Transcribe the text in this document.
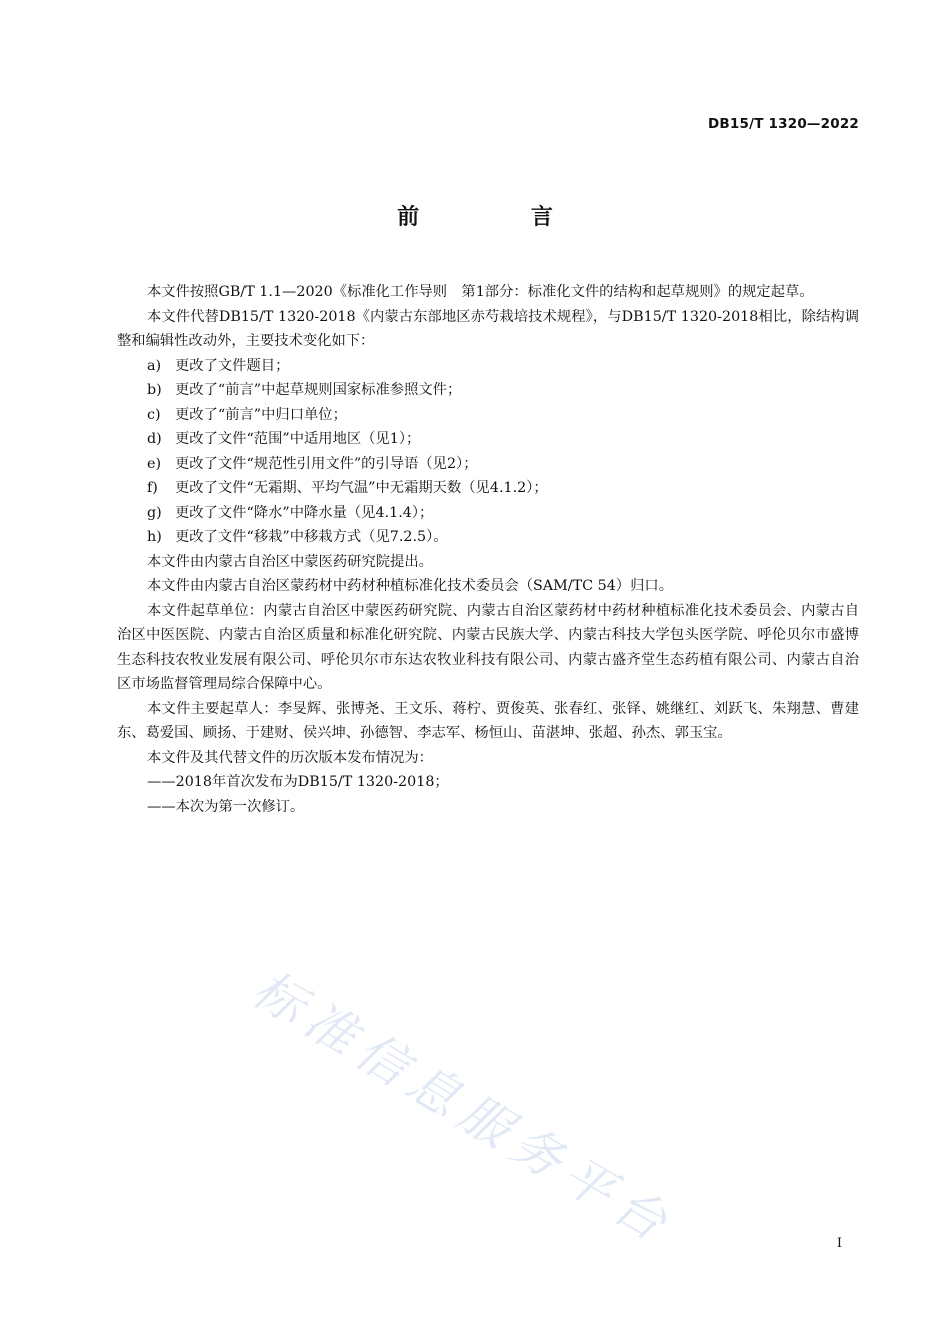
DB15/T 1320—2022
前 言

本文件按照GB/T 1.1—2020《标准化工作导则　第1部分：标准化文件的结构和起草规则》的规定起草。

本文件代替DB15/T 1320-2018《内蒙古东部地区赤芍栽培技术规程》，与DB15/T 1320-2018相比，除结构调整和编辑性改动外，主要技术变化如下：

a) 更改了文件题目；

b) 更改了“前言”中起草规则国家标准参照文件；

c) 更改了“前言”中归口单位；

d) 更改了文件“范围”中适用地区（见1）；

e) 更改了文件“规范性引用文件”的引导语（见2）；

f) 更改了文件“无霜期、平均气温”中无霜期天数（见4.1.2）；

g) 更改了文件“降水”中降水量（见4.1.4）；

h) 更改了文件“移栽”中移栽方式（见7.2.5）。

本文件由内蒙古自治区中蒙医药研究院提出。

本文件由内蒙古自治区蒙药材中药材种植标准化技术委员会（SAM/TC 54）归口。

本文件起草单位：内蒙古自治区中蒙医药研究院、内蒙古自治区蒙药材中药材种植标准化技术委员会、内蒙古自治区中医医院、内蒙古自治区质量和标准化研究院、内蒙古民族大学、内蒙古科技大学包头医学院、呼伦贝尔市盛博生态科技农牧业发展有限公司、呼伦贝尔市东达农牧业科技有限公司、内蒙古盛齐堂生态药植有限公司、内蒙古自治区市场监督管理局综合保障中心。

本文件主要起草人：李旻辉、张博尧、王文乐、蒋柠、贾俊英、张春红、张铎、姚继红、刘跃飞、朱翔慧、曹建东、葛爱国、顾扬、于建财、侯兴坤、孙德智、李志军、杨恒山、苗湛坤、张超、孙杰、郭玉宝。

本文件及其代替文件的历次版本发布情况为：

——2018年首次发布为DB15/T 1320-2018；

——本次为第一次修订。

标准信息服务平台	I
